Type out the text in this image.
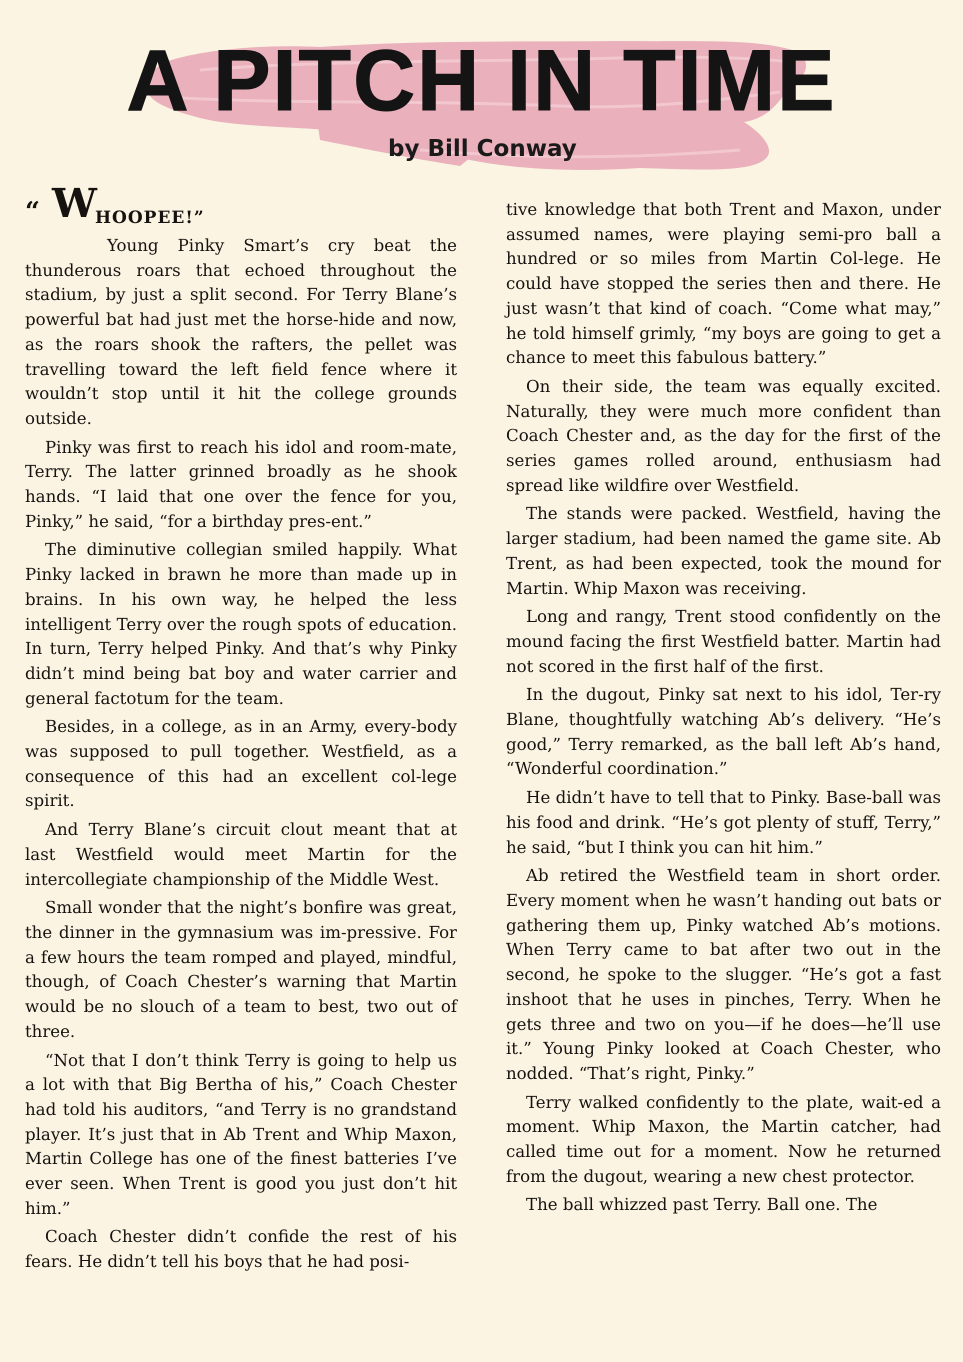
A PITCH IN TIME
by Bill Conway
“ W
HOOPEE!”

Young Pinky Smart’s cry beat the thunderous roars that echoed throughout the stadium, by just a split second. For Terry Blane’s powerful bat had just met the horse-hide and now, as the roars shook the rafters, the pellet was travelling toward the left field fence where it wouldn’t stop until it hit the college grounds outside.

Pinky was first to reach his idol and room-mate, Terry. The latter grinned broadly as he shook hands. “I laid that one over the fence for you, Pinky,” he said, “for a birthday pres-ent.”

The diminutive collegian smiled happily. What Pinky lacked in brawn he more than made up in brains. In his own way, he helped the less intelligent Terry over the rough spots of education. In turn, Terry helped Pinky. And that’s why Pinky didn’t mind being bat boy and water carrier and general factotum for the team.

Besides, in a college, as in an Army, every-body was supposed to pull together. Westfield, as a consequence of this had an excellent col-lege spirit.

And Terry Blane’s circuit clout meant that at last Westfield would meet Martin for the intercollegiate championship of the Middle West.

Small wonder that the night’s bonfire was great, the dinner in the gymnasium was im-pressive. For a few hours the team romped and played, mindful, though, of Coach Chester’s warning that Martin would be no slouch of a team to best, two out of three.

“Not that I don’t think Terry is going to help us a lot with that Big Bertha of his,” Coach Chester had told his auditors, “and Terry is no grandstand player. It’s just that in Ab Trent and Whip Maxon, Martin College has one of the finest batteries I’ve ever seen. When Trent is good you just don’t hit him.”

Coach Chester didn’t confide the rest of his fears. He didn’t tell his boys that he had posi-

tive knowledge that both Trent and Maxon, under assumed names, were playing semi-pro ball a hundred or so miles from Martin Col-lege. He could have stopped the series then and there. He just wasn’t that kind of coach. “Come what may,” he told himself grimly, “my boys are going to get a chance to meet this fabulous battery.”

On their side, the team was equally excited. Naturally, they were much more confident than Coach Chester and, as the day for the first of the series games rolled around, enthusiasm had spread like wildfire over Westfield.

The stands were packed. Westfield, having the larger stadium, had been named the game site. Ab Trent, as had been expected, took the mound for Martin. Whip Maxon was receiving.

Long and rangy, Trent stood confidently on the mound facing the first Westfield batter. Martin had not scored in the first half of the first.

In the dugout, Pinky sat next to his idol, Ter-ry Blane, thoughtfully watching Ab’s delivery. “He’s good,” Terry remarked, as the ball left Ab’s hand, “Wonderful coordination.”

He didn’t have to tell that to Pinky. Base-ball was his food and drink. “He’s got plenty of stuff, Terry,” he said, “but I think you can hit him.”

Ab retired the Westfield team in short order. Every moment when he wasn’t handing out bats or gathering them up, Pinky watched Ab’s motions. When Terry came to bat after two out in the second, he spoke to the slugger. “He’s got a fast inshoot that he uses in pinches, Terry. When he gets three and two on you—if he does—he’ll use it.” Young Pinky looked at Coach Chester, who nodded. “That’s right, Pinky.”

Terry walked confidently to the plate, wait-ed a moment. Whip Maxon, the Martin catcher, had called time out for a moment. Now he returned from the dugout, wearing a new chest protector.

The ball whizzed past Terry. Ball one. The
